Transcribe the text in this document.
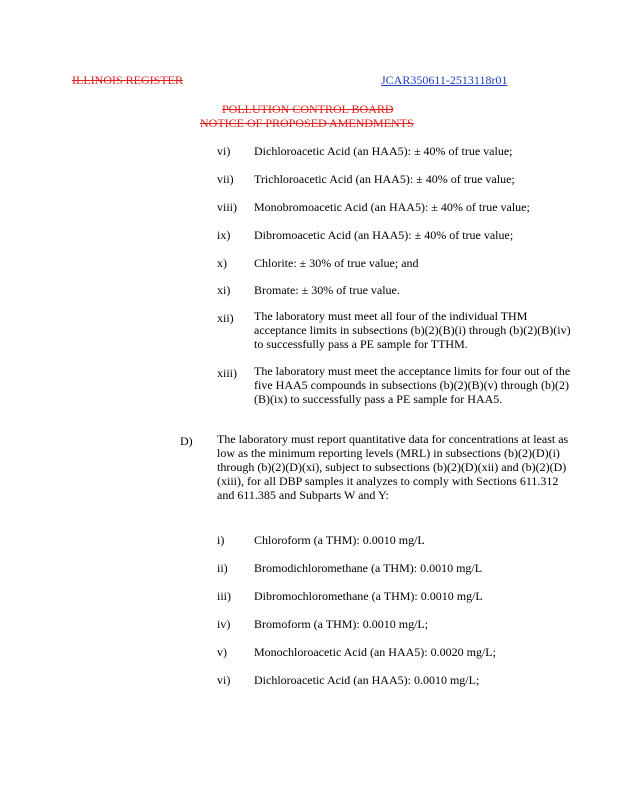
ILLINOIS REGISTER	JCAR350611-2513118r01
POLLUTION CONTROL BOARD
NOTICE OF PROPOSED AMENDMENTS
vi) Dichloroacetic Acid (an HAA5): ± 40% of true value;
vii) Trichloroacetic Acid (an HAA5): ± 40% of true value;
viii) Monobromoacetic Acid (an HAA5): ± 40% of true value;
ix) Dibromoacetic Acid (an HAA5): ± 40% of true value;
x) Chlorite: ± 30% of true value; and
xi) Bromate: ± 30% of true value.
xii) The laboratory must meet all four of the individual THM acceptance limits in subsections (b)(2)(B)(i) through (b)(2)(B)(iv) to successfully pass a PE sample for TTHM.
xiii) The laboratory must meet the acceptance limits for four out of the five HAA5 compounds in subsections (b)(2)(B)(v) through (b)(2)(B)(ix) to successfully pass a PE sample for HAA5.
D) The laboratory must report quantitative data for concentrations at least as low as the minimum reporting levels (MRL) in subsections (b)(2)(D)(i) through (b)(2)(D)(xi), subject to subsections (b)(2)(D)(xii) and (b)(2)(D)(xiii), for all DBP samples it analyzes to comply with Sections 611.312 and 611.385 and Subparts W and Y:
i) Chloroform (a THM): 0.0010 mg/L
ii) Bromodichloromethane (a THM): 0.0010 mg/L
iii) Dibromochloromethane (a THM): 0.0010 mg/L
iv) Bromoform (a THM): 0.0010 mg/L;
v) Monochloroacetic Acid (an HAA5): 0.0020 mg/L;
vi) Dichloroacetic Acid (an HAA5): 0.0010 mg/L;
